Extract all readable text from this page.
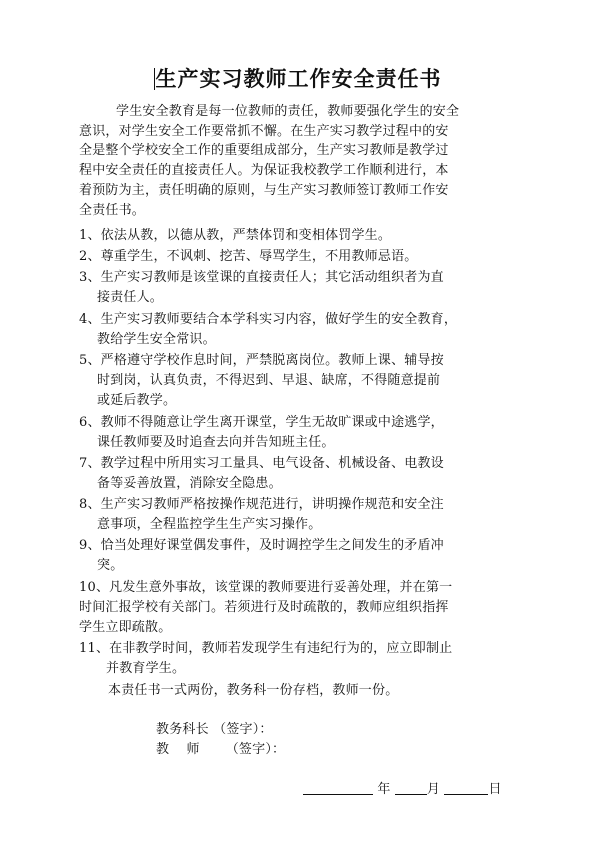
生产实习教师工作安全责任书
学生安全教育是每一位教师的责任，教师要强化学生的安全
意识，对学生安全工作要常抓不懈。在生产实习教学过程中的安
全是整个学校安全工作的重要组成部分，生产实习教师是教学过
程中安全责任的直接责任人。为保证我校教学工作顺利进行，本
着预防为主，责任明确的原则，与生产实习教师签订教师工作安
全责任书。
1、依法从教，以德从教，严禁体罚和变相体罚学生。
2、尊重学生，不讽刺、挖苦、辱骂学生，不用教师忌语。
3、生产实习教师是该堂课的直接责任人；其它活动组织者为直
接责任人。
4、生产实习教师要结合本学科实习内容，做好学生的安全教育，
教给学生安全常识。
5、严格遵守学校作息时间，严禁脱离岗位。教师上课、辅导按
时到岗，认真负责，不得迟到、早退、缺席，不得随意提前
或延后教学。
6、教师不得随意让学生离开课堂，学生无故旷课或中途逃学，
课任教师要及时追查去向并告知班主任。
7、教学过程中所用实习工量具、电气设备、机械设备、电教设
备等妥善放置，消除安全隐患。
8、生产实习教师严格按操作规范进行，讲明操作规范和安全注
意事项，全程监控学生生产实习操作。
9、恰当处理好课堂偶发事件，及时调控学生之间发生的矛盾冲
突。
10、凡发生意外事故，该堂课的教师要进行妥善处理，并在第一
时间汇报学校有关部门。若须进行及时疏散的，教师应组织指挥
学生立即疏散。
11、在非教学时间，教师若发现学生有违纪行为的，应立即制止
并教育学生。
本责任书一式两份，教务科一份存档，教师一份。
教务科长 （签字）：
教    师      （签字）：
年	月	日
